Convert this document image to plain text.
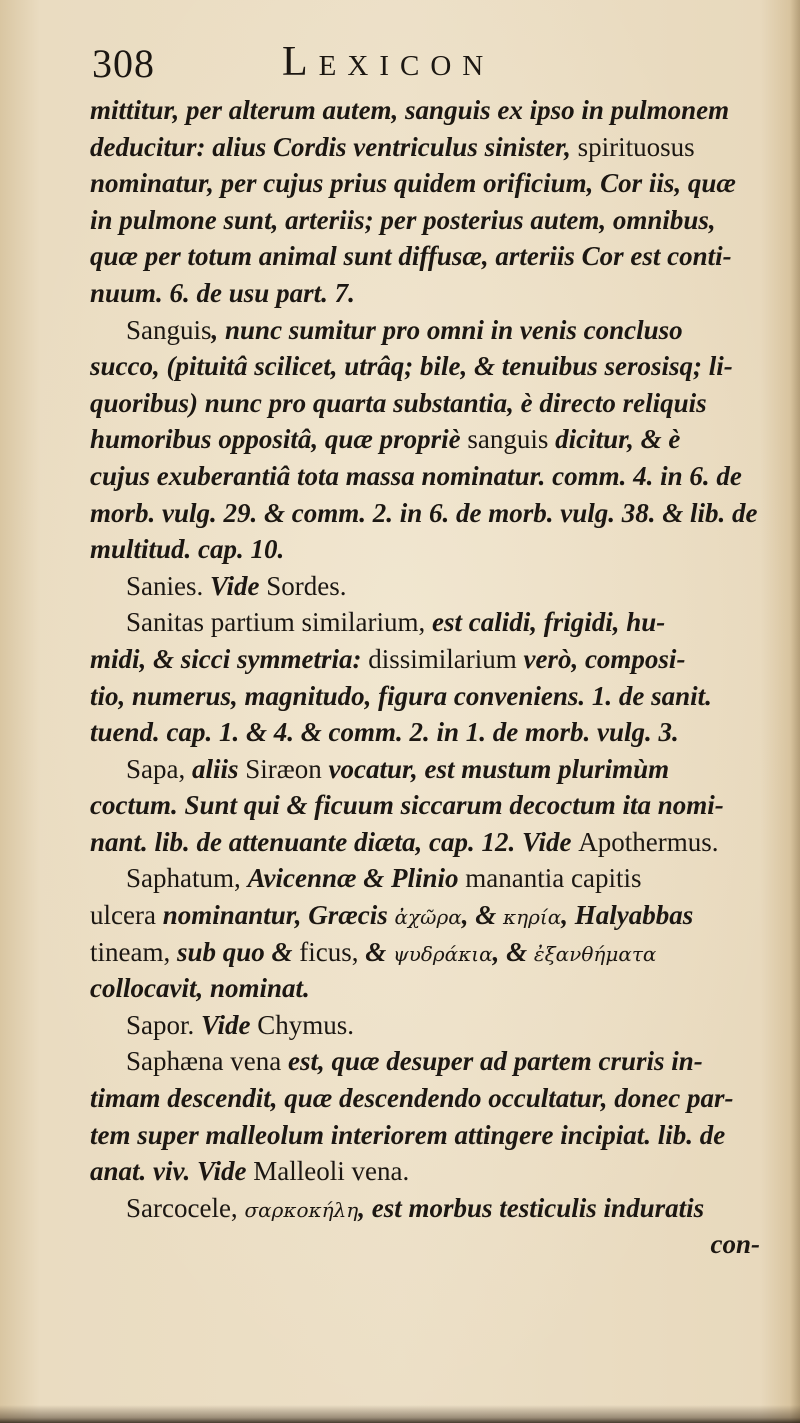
308	Lexicon
mittitur, per alterum autem, sanguis ex ipso in pulmonem
deducitur: alius Cordis ventriculus sinister, spirituosus
nominatur, per cujus prius quidem orificium, Cor iis, quæ
in pulmone sunt, arteriis; per posterius autem, omnibus,
quæ per totum animal sunt diffusæ, arteriis Cor est conti-
nuum. 6. de usu part. 7.
Sanguis, nunc sumitur pro omni in venis concluso
succo, (pituitâ scilicet, utrâq; bile, & tenuibus serosisq; li-
quoribus) nunc pro quarta substantia, è directo reliquis
humoribus oppositâ, quæ propriè sanguis dicitur, & è
cujus exuberantiâ tota massa nominatur. comm. 4. in 6. de
morb. vulg. 29. & comm. 2. in 6. de morb. vulg. 38. & lib. de
multitud. cap. 10.
Sanies. Vide Sordes.
Sanitas partium similarium, est calidi, frigidi, hu-
midi, & sicci symmetria: dissimilarium verò, composi-
tio, numerus, magnitudo, figura conveniens. 1. de sanit.
tuend. cap. 1. & 4. & comm. 2. in 1. de morb. vulg. 3.
Sapa, aliis Siræon vocatur, est mustum plurimùm
coctum. Sunt qui & ficuum siccarum decoctum ita nomi-
nant. lib. de attenuante diæta, cap. 12. Vide Apothermus.
Saphatum, Avicennæ & Plinio manantia capitis
ulcera nominantur, Græcis ἀχῶρα, & κηρία, Halyabbas
tineam, sub quo & ficus, & ψυδράκια, & ἐξανθήματα
collocavit, nominat.
Sapor. Vide Chymus.
Saphæna vena est, quæ desuper ad partem cruris in-
timam descendit, quæ descendendo occultatur, donec par-
tem super malleolum interiorem attingere incipiat. lib. de
anat. viv. Vide Malleoli vena.
Sarcocele, σαρκοκήλη, est morbus testiculis induratis
con-
